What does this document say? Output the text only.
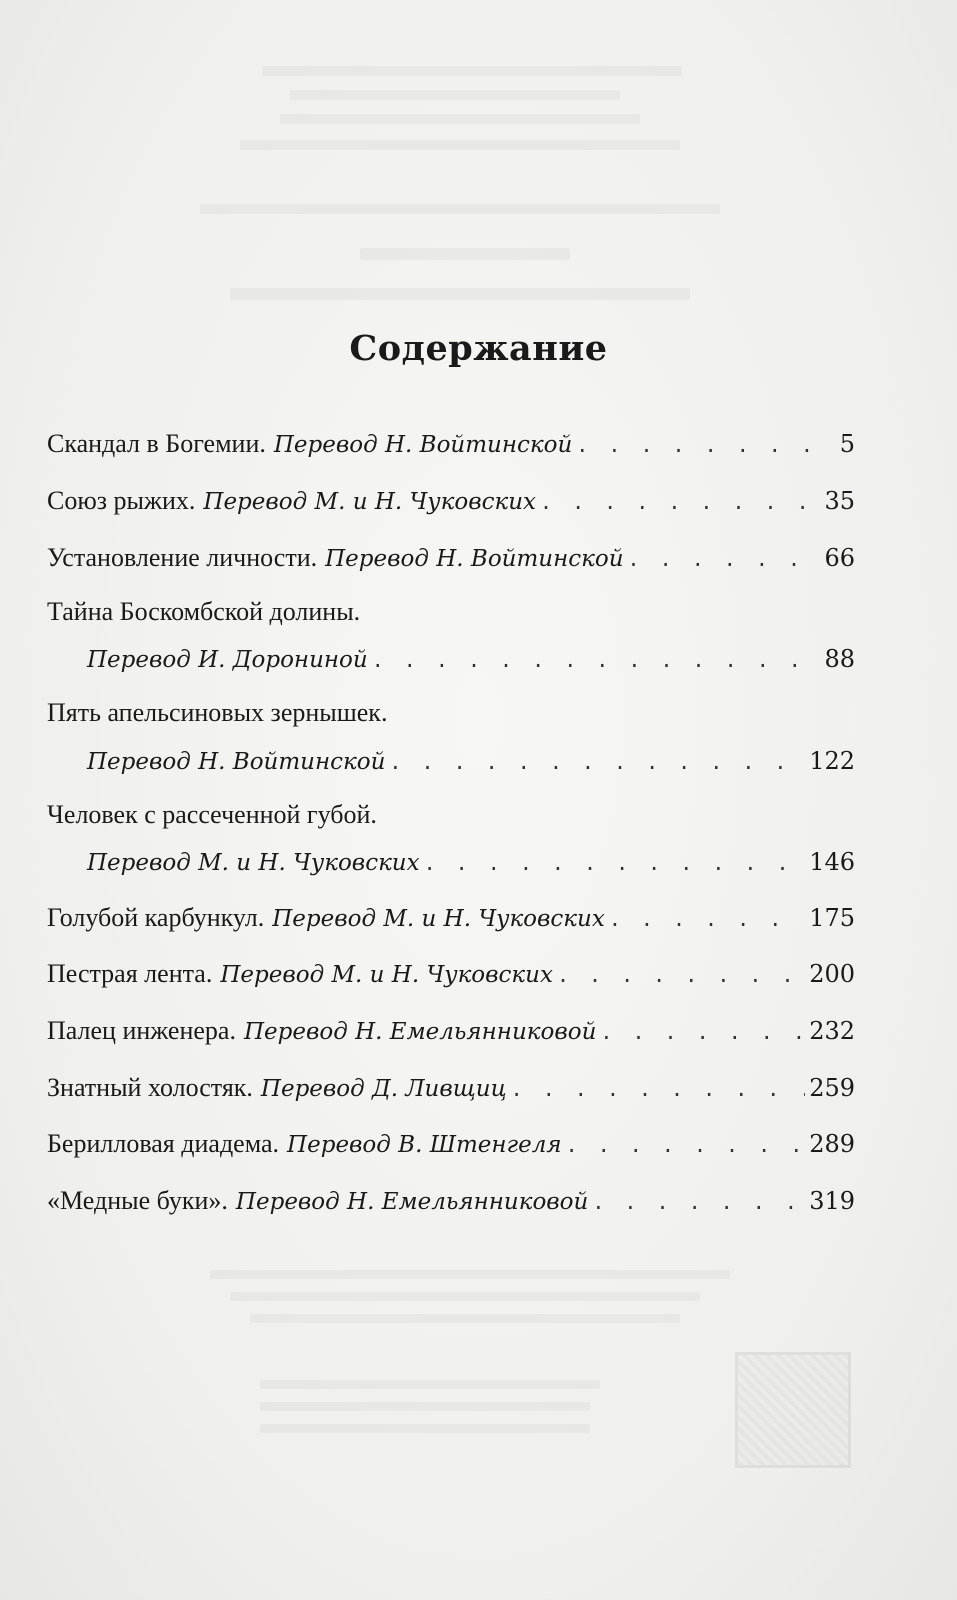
Содержание
Скандал в Богемии. Перевод Н. Войтинской . . .	5
Союз рыжих. Перевод М. и Н. Чуковских . . .	35
Установление личности. Перевод Н. Войтинской . . .	66
Тайна Боскомбской долины.
Перевод И. Дорониной . . .	88
Пять апельсиновых зернышек.
Перевод Н. Войтинской . . .	122
Человек с рассеченной губой.
Перевод М. и Н. Чуковских . . .	146
Голубой карбункул. Перевод М. и Н. Чуковских . . .	175
Пестрая лента. Перевод М. и Н. Чуковских . . .	200
Палец инженера. Перевод Н. Емельянниковой . . .	232
Знатный холостяк. Перевод Д. Ливщиц . . .	259
Берилловая диадема. Перевод В. Штенгеля . . .	289
«Медные буки». Перевод Н. Емельянниковой . . .	319
